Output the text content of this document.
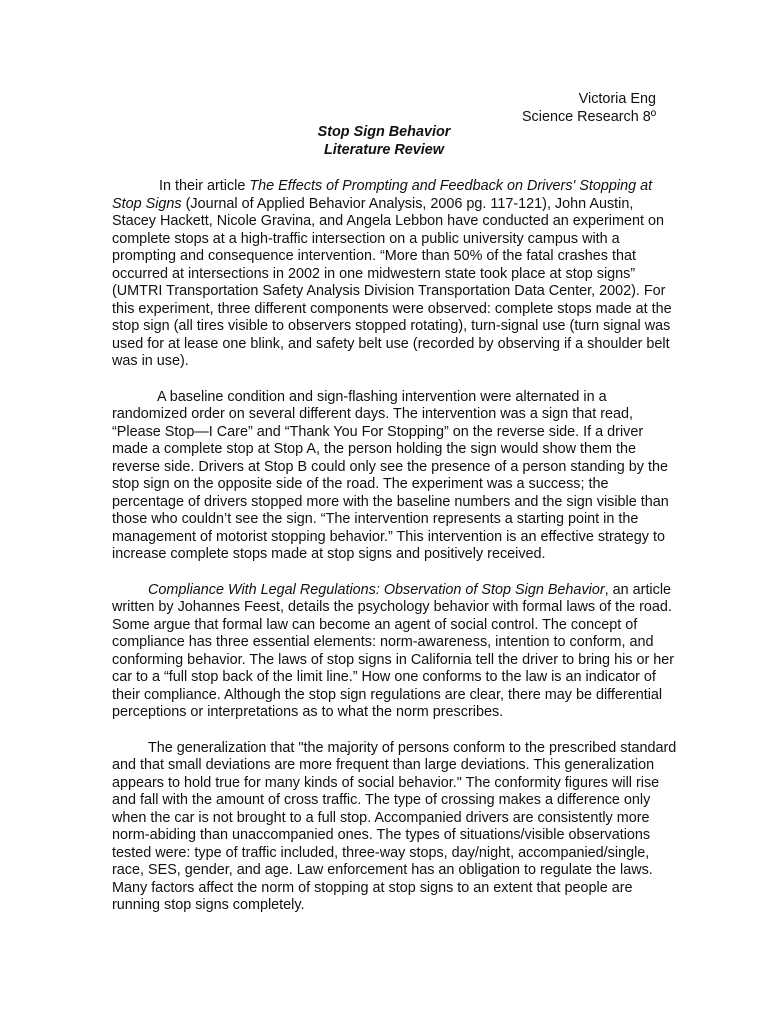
Victoria Eng
Science Research 8º
Stop Sign Behavior
Literature Review
In their article The Effects of Prompting and Feedback on Drivers' Stopping at
Stop Signs (Journal of Applied Behavior Analysis, 2006 pg. 117-121), John Austin,
Stacey Hackett, Nicole Gravina, and Angela Lebbon have conducted an experiment on
complete stops at a high-traffic intersection on a public university campus with a
prompting and consequence intervention. “More than 50% of the fatal crashes that
occurred at intersections in 2002 in one midwestern state took place at stop signs”
(UMTRI Transportation Safety Analysis Division Transportation Data Center, 2002). For
this experiment, three different components were observed: complete stops made at the
stop sign (all tires visible to observers stopped rotating), turn-signal use (turn signal was
used for at lease one blink, and safety belt use (recorded by observing if a shoulder belt
was in use).
A baseline condition and sign-flashing intervention were alternated in a
randomized order on several different days. The intervention was a sign that read,
“Please Stop—I Care” and “Thank You For Stopping” on the reverse side. If a driver
made a complete stop at Stop A, the person holding the sign would show them the
reverse side. Drivers at Stop B could only see the presence of a person standing by the
stop sign on the opposite side of the road. The experiment was a success; the
percentage of drivers stopped more with the baseline numbers and the sign visible than
those who couldn’t see the sign. “The intervention represents a starting point in the
management of motorist stopping behavior.” This intervention is an effective strategy to
increase complete stops made at stop signs and positively received.
Compliance With Legal Regulations: Observation of Stop Sign Behavior, an article
written by Johannes Feest, details the psychology behavior with formal laws of the road.
Some argue that formal law can become an agent of social control. The concept of
compliance has three essential elements: norm-awareness, intention to conform, and
conforming behavior. The laws of stop signs in California tell the driver to bring his or her
car to a “full stop back of the limit line.” How one conforms to the law is an indicator of
their compliance. Although the stop sign regulations are clear, there may be differential
perceptions or interpretations as to what the norm prescribes.
The generalization that "the majority of persons conform to the prescribed standard
and that small deviations are more frequent than large deviations. This generalization
appears to hold true for many kinds of social behavior." The conformity figures will rise
and fall with the amount of cross traffic. The type of crossing makes a difference only
when the car is not brought to a full stop. Accompanied drivers are consistently more
norm-abiding than unaccompanied ones. The types of situations/visible observations
tested were: type of traffic included, three-way stops, day/night, accompanied/single,
race, SES, gender, and age. Law enforcement has an obligation to regulate the laws.
Many factors affect the norm of stopping at stop signs to an extent that people are
running stop signs completely.
